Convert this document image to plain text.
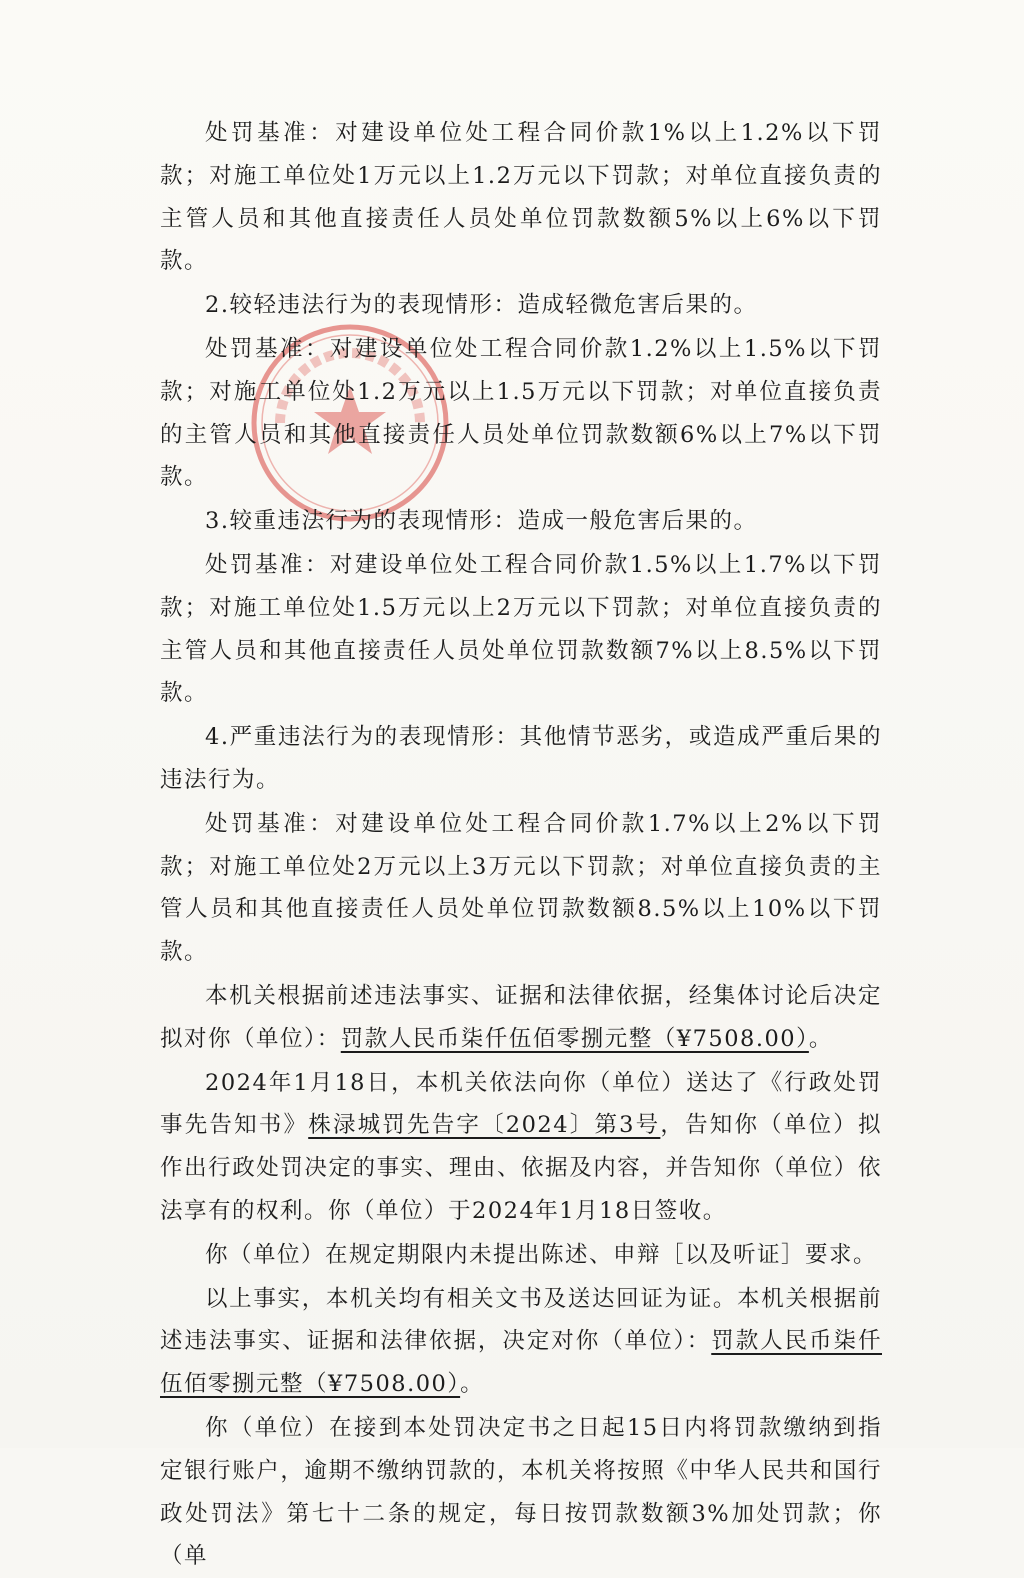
处罚基准：对建设单位处工程合同价款1%以上1.2%以下罚款；对施工单位处1万元以上1.2万元以下罚款；对单位直接负责的主管人员和其他直接责任人员处单位罚款数额5%以上6%以下罚款。

2.较轻违法行为的表现情形：造成轻微危害后果的。

处罚基准：对建设单位处工程合同价款1.2%以上1.5%以下罚款；对施工单位处1.2万元以上1.5万元以下罚款；对单位直接负责的主管人员和其他直接责任人员处单位罚款数额6%以上7%以下罚款。

3.较重违法行为的表现情形：造成一般危害后果的。

处罚基准：对建设单位处工程合同价款1.5%以上1.7%以下罚款；对施工单位处1.5万元以上2万元以下罚款；对单位直接负责的主管人员和其他直接责任人员处单位罚款数额7%以上8.5%以下罚款。

4.严重违法行为的表现情形：其他情节恶劣，或造成严重后果的违法行为。

处罚基准：对建设单位处工程合同价款1.7%以上2%以下罚款；对施工单位处2万元以上3万元以下罚款；对单位直接负责的主管人员和其他直接责任人员处单位罚款数额8.5%以上10%以下罚款。

本机关根据前述违法事实、证据和法律依据，经集体讨论后决定拟对你（单位）：罚款人民币柒仟伍佰零捌元整（¥7508.00）。

2024年1月18日，本机关依法向你（单位）送达了《行政处罚事先告知书》株渌城罚先告字〔2024〕第3号，告知你（单位）拟作出行政处罚决定的事实、理由、依据及内容，并告知你（单位）依法享有的权利。你（单位）于2024年1月18日签收。

你（单位）在规定期限内未提出陈述、申辩［以及听证］要求。

以上事实，本机关均有相关文书及送达回证为证。本机关根据前述违法事实、证据和法律依据，决定对你（单位）：罚款人民币柒仟伍佰零捌元整（¥7508.00）。

你（单位）在接到本处罚决定书之日起15日内将罚款缴纳到指定银行账户，逾期不缴纳罚款的，本机关将按照《中华人民共和国行政处罚法》第七十二条的规定，每日按罚款数额3%加处罚款；你（单
